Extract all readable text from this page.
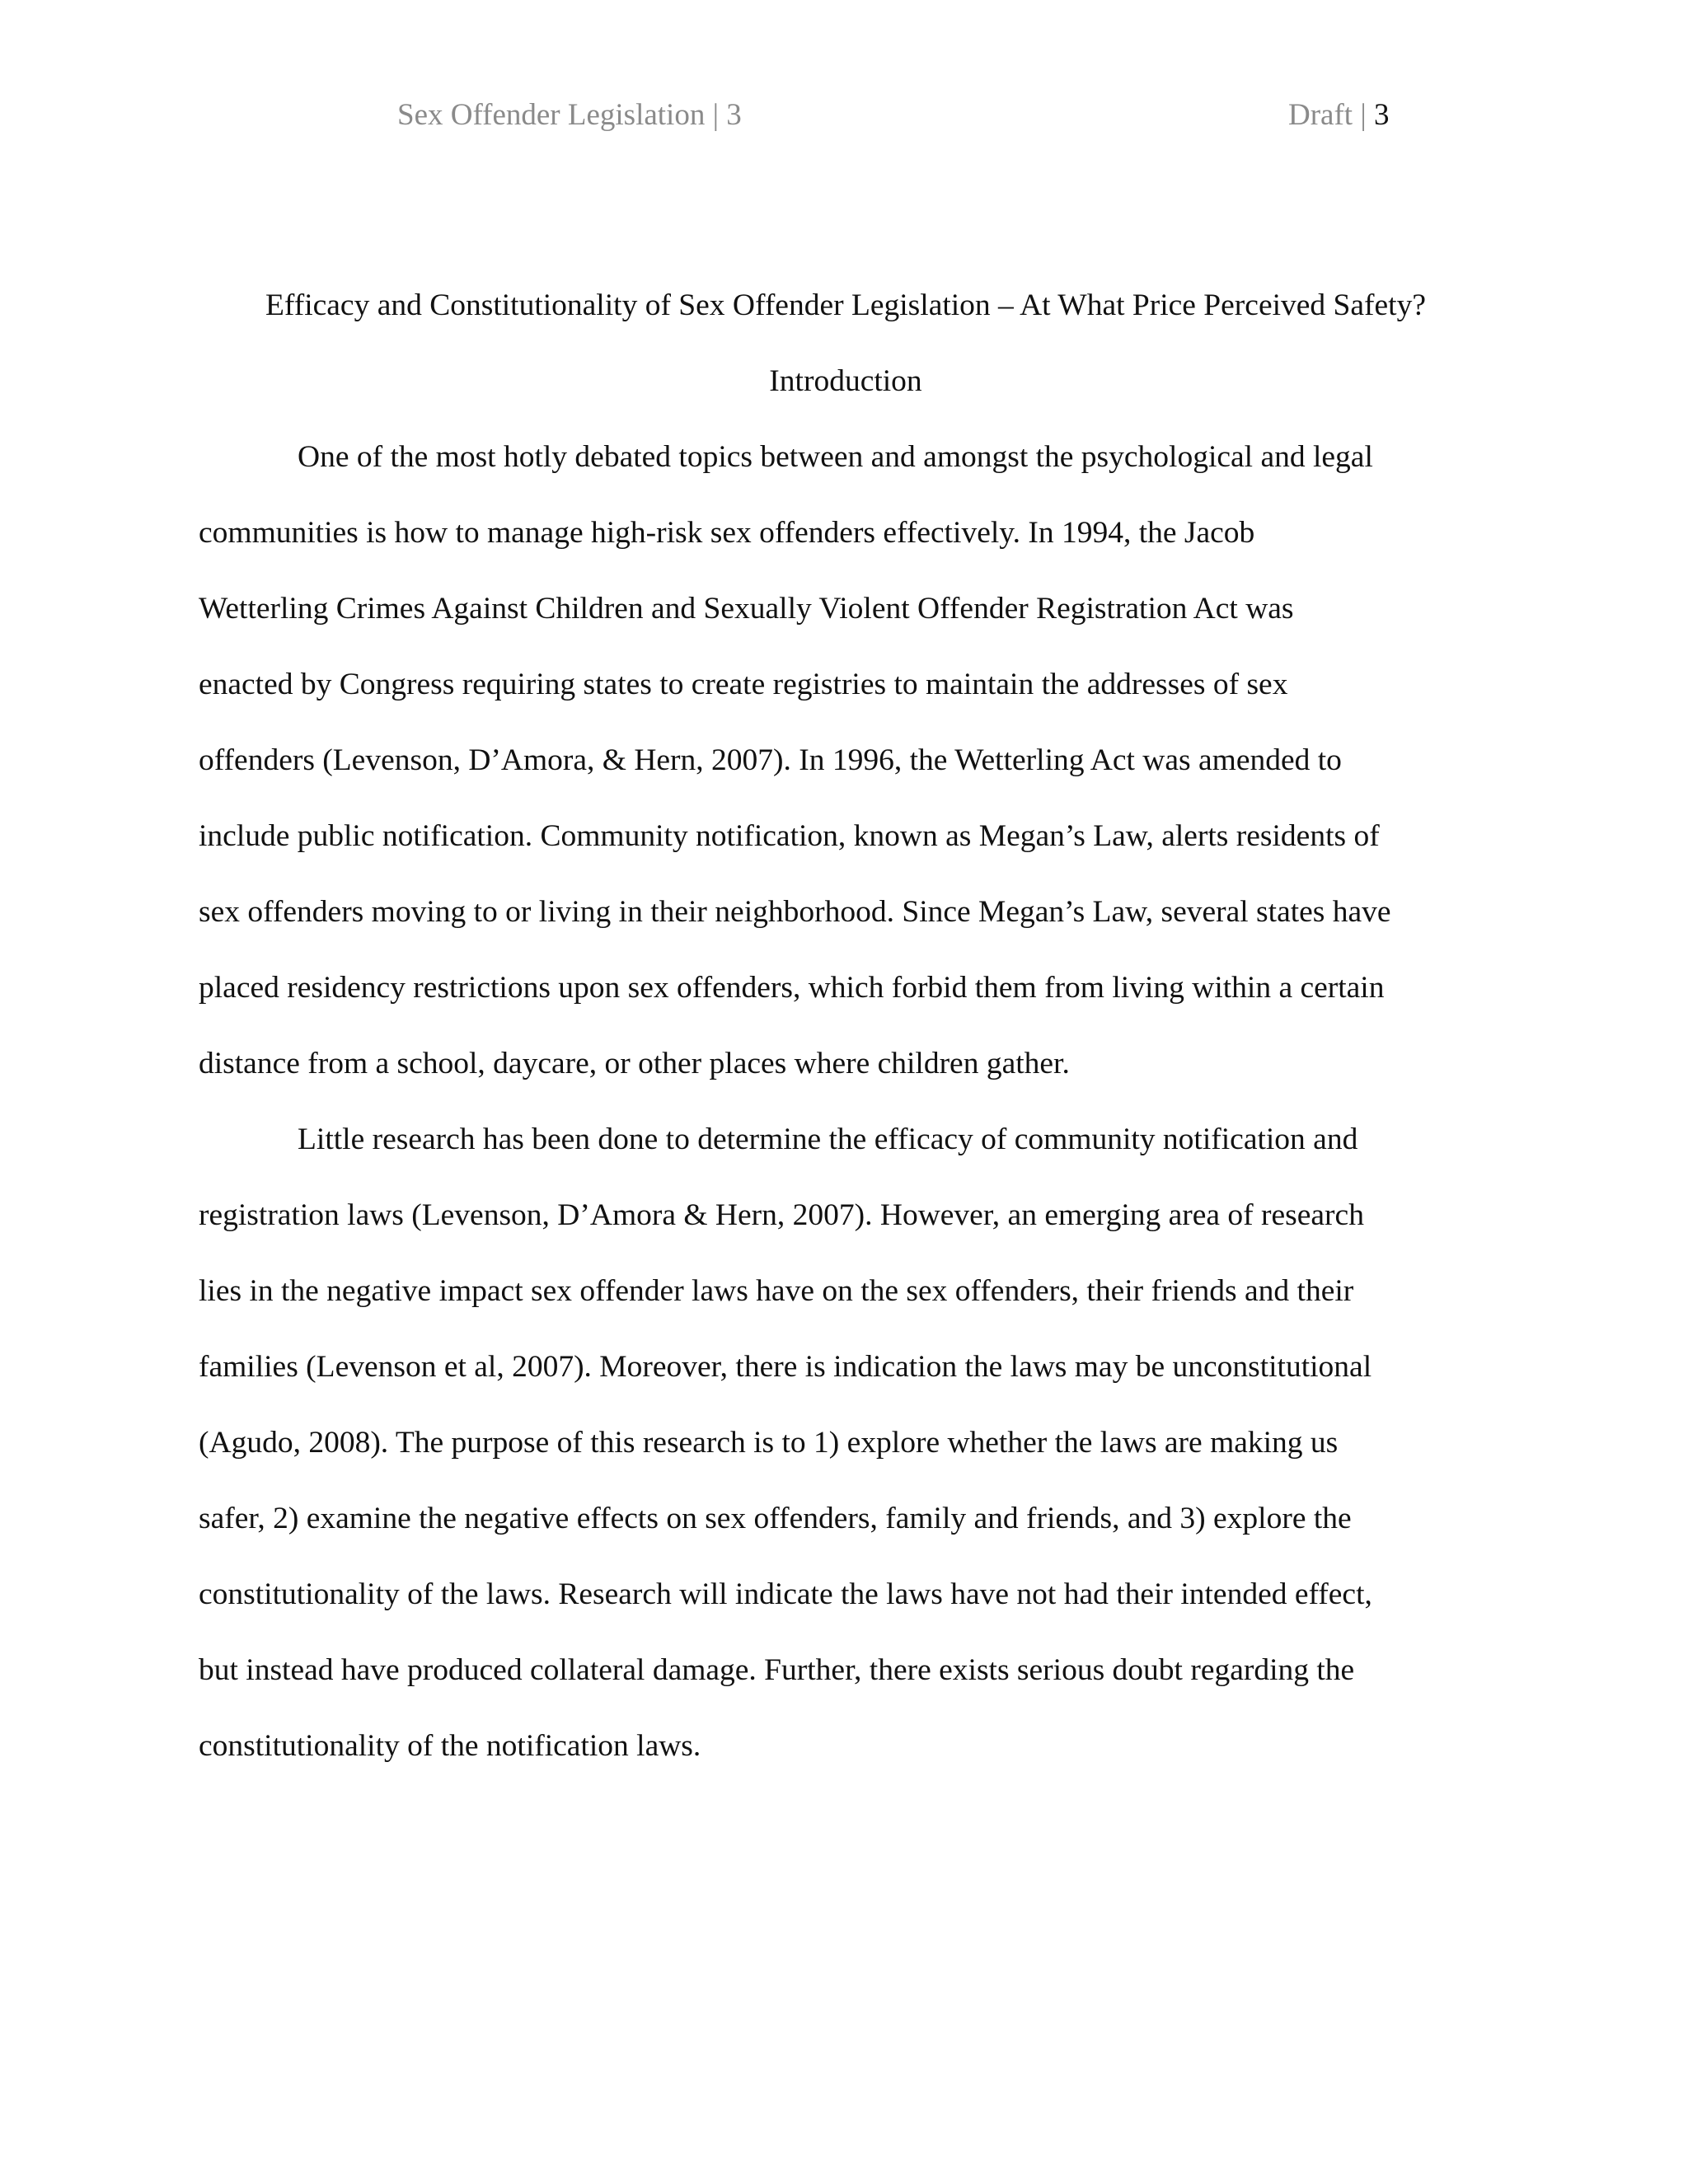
Sex Offender Legislation | 3	Draft | 3
Efficacy and Constitutionality of Sex Offender Legislation – At What Price Perceived Safety?
Introduction

One of the most hotly debated topics between and amongst the psychological and legal
communities is how to manage high-risk sex offenders effectively. In 1994, the Jacob
Wetterling Crimes Against Children and Sexually Violent Offender Registration Act was
enacted by Congress requiring states to create registries to maintain the addresses of sex
offenders (Levenson, D’Amora, & Hern, 2007). In 1996, the Wetterling Act was amended to
include public notification. Community notification, known as Megan’s Law, alerts residents of
sex offenders moving to or living in their neighborhood. Since Megan’s Law, several states have
placed residency restrictions upon sex offenders, which forbid them from living within a certain
distance from a school, daycare, or other places where children gather.

Little research has been done to determine the efficacy of community notification and
registration laws (Levenson, D’Amora & Hern, 2007). However, an emerging area of research
lies in the negative impact sex offender laws have on the sex offenders, their friends and their
families (Levenson et al, 2007). Moreover, there is indication the laws may be unconstitutional
(Agudo, 2008). The purpose of this research is to 1) explore whether the laws are making us
safer, 2) examine the negative effects on sex offenders, family and friends, and 3) explore the
constitutionality of the laws. Research will indicate the laws have not had their intended effect,
but instead have produced collateral damage. Further, there exists serious doubt regarding the
constitutionality of the notification laws.
